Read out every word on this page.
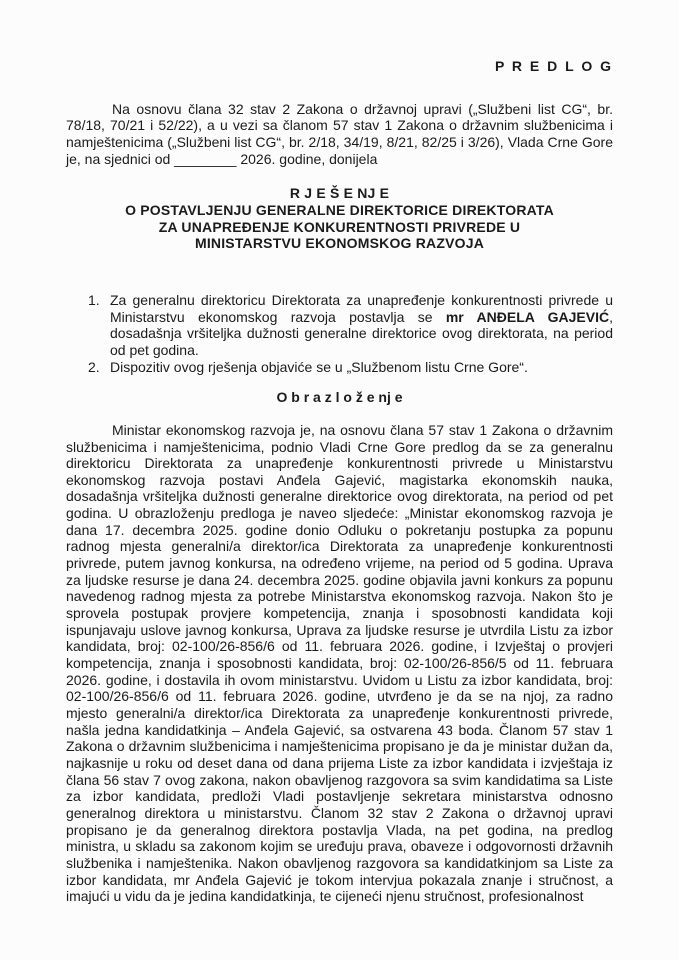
P R E D L O G

Na osnovu člana 32 stav 2 Zakona o državnoj upravi („Službeni list CG“, br. 78/18, 70/21 i 52/22), a u vezi sa članom 57 stav 1 Zakona o državnim službenicima i namještenicima („Službeni list CG“, br. 2/18, 34/19, 8/21, 82/25 i 3/26), Vlada Crne Gore je, na sjednici od ________ 2026. godine, donijela

R J E Š E NJ E
O POSTAVLJENJU GENERALNE DIREKTORICE DIREKTORATA
ZA UNAPREĐENJE KONKURENTNOSTI PRIVREDE U
MINISTARSTVU EKONOMSKOG RAZVOJA
1. Za generalnu direktoricu Direktorata za unapređenje konkurentnosti privrede u Ministarstvu ekonomskog razvoja postavlja se mr ANĐELA GAJEVIĆ, dosadašnja vršiteljka dužnosti generalne direktorice ovog direktorata, na period od pet godina.
2. Dispozitiv ovog rješenja objaviće se u „Službenom listu Crne Gore“.
O b r a z l o ž e nj e

Ministar ekonomskog razvoja je, na osnovu člana 57 stav 1 Zakona o državnim službenicima i namještenicima, podnio Vladi Crne Gore predlog da se za generalnu direktoricu Direktorata za unapređenje konkurentnosti privrede u Ministarstvu ekonomskog razvoja postavi Anđela Gajević, magistarka ekonomskih nauka, dosadašnja vršiteljka dužnosti generalne direktorice ovog direktorata, na period od pet godina. U obrazloženju predloga je naveo sljedeće: „Ministar ekonomskog razvoja je dana 17. decembra 2025. godine donio Odluku o pokretanju postupka za popunu radnog mjesta generalni/a direktor/ica Direktorata za unapređenje konkurentnosti privrede, putem javnog konkursa, na određeno vrijeme, na period od 5 godina. Uprava za ljudske resurse je dana 24. decembra 2025. godine objavila javni konkurs za popunu navedenog radnog mjesta za potrebe Ministarstva ekonomskog razvoja. Nakon što je sprovela postupak provjere kompetencija, znanja i sposobnosti kandidata koji ispunjavaju uslove javnog konkursa, Uprava za ljudske resurse je utvrdila Listu za izbor kandidata, broj: 02-100/26-856/6 od 11. februara 2026. godine, i Izvještaj o provjeri kompetencija, znanja i sposobnosti kandidata, broj: 02-100/26-856/5 od 11. februara 2026. godine, i dostavila ih ovom ministarstvu. Uvidom u Listu za izbor kandidata, broj: 02-100/26-856/6 od 11. februara 2026. godine, utvrđeno je da se na njoj, za radno mjesto generalni/a direktor/ica Direktorata za unapređenje konkurentnosti privrede, našla jedna kandidatkinja – Anđela Gajević, sa ostvarena 43 boda. Članom 57 stav 1 Zakona o državnim službenicima i namještenicima propisano je da je ministar dužan da, najkasnije u roku od deset dana od dana prijema Liste za izbor kandidata i izvještaja iz člana 56 stav 7 ovog zakona, nakon obavljenog razgovora sa svim kandidatima sa Liste za izbor kandidata, predloži Vladi postavljenje sekretara ministarstva odnosno generalnog direktora u ministarstvu. Članom 32 stav 2 Zakona o državnoj upravi propisano je da generalnog direktora postavlja Vlada, na pet godina, na predlog ministra, u skladu sa zakonom kojim se uređuju prava, obaveze i odgovornosti državnih službenika i namještenika. Nakon obavljenog razgovora sa kandidatkinjom sa Liste za izbor kandidata, mr Anđela Gajević je tokom intervjua pokazala znanje i stručnost, a imajući u vidu da je jedina kandidatkinja, te cijeneći njenu stručnost, profesionalnost
